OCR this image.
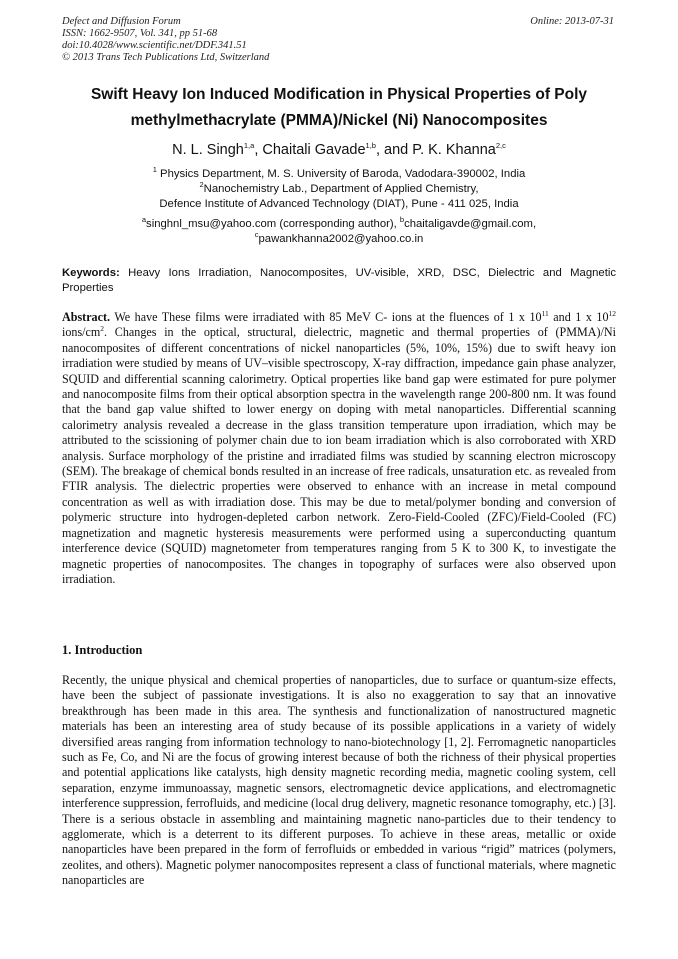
Defect and Diffusion Forum
ISSN: 1662-9507, Vol. 341, pp 51-68
doi:10.4028/www.scientific.net/DDF.341.51
© 2013 Trans Tech Publications Ltd, Switzerland
Online: 2013-07-31
Swift Heavy Ion Induced Modification in Physical Properties of Poly
methylmethacrylate (PMMA)/Nickel (Ni) Nanocomposites
N. L. Singh$^{1,a}$, Chaitali Gavade$^{1,b}$, and P. K. Khanna$^{2,c}$
$^1$ Physics Department, M. S. University of Baroda, Vadodara-390002, India
$^2$Nanochemistry Lab., Department of Applied Chemistry,
Defence Institute of Advanced Technology (DIAT), Pune - 411 025, India
$^a$singhnl_msu@yahoo.com (corresponding author), $^b$chaitaligavde@gmail.com,
$^c$pawankhanna2002@yahoo.co.in
Keywords: Heavy Ions Irradiation, Nanocomposites, UV-visible, XRD, DSC, Dielectric and Magnetic Properties
Abstract. We have These films were irradiated with 85 MeV C- ions at the fluences of 1 x $10^{11}$ and 1 x $10^{12}$ ions/$cm^2$. Changes in the optical, structural, dielectric, magnetic and thermal properties of (PMMA)/Ni nanocomposites of different concentrations of nickel nanoparticles (5%, 10%, 15%) due to swift heavy ion irradiation were studied by means of UV–visible spectroscopy, X-ray diffraction, impedance gain phase analyzer, SQUID and differential scanning calorimetry. Optical properties like band gap were estimated for pure polymer and nanocomposite films from their optical absorption spectra in the wavelength range 200-800 nm. It was found that the band gap value shifted to lower energy on doping with metal nanoparticles. Differential scanning calorimetry analysis revealed a decrease in the glass transition temperature upon irradiation, which may be attributed to the scissioning of polymer chain due to ion beam irradiation which is also corroborated with XRD analysis. Surface morphology of the pristine and irradiated films was studied by scanning electron microscopy (SEM). The breakage of chemical bonds resulted in an increase of free radicals, unsaturation etc. as revealed from FTIR analysis. The dielectric properties were observed to enhance with an increase in metal compound concentration as well as with irradiation dose. This may be due to metal/polymer bonding and conversion of polymeric structure into hydrogen-depleted carbon network. Zero-Field-Cooled (ZFC)/Field-Cooled (FC) magnetization and magnetic hysteresis measurements were performed using a superconducting quantum interference device (SQUID) magnetometer from temperatures ranging from 5 K to 300 K, to investigate the magnetic properties of nanocomposites. The changes in topography of surfaces were also observed upon irradiation.
1. Introduction
Recently, the unique physical and chemical properties of nanoparticles, due to surface or quantum-size effects, have been the subject of passionate investigations. It is also no exaggeration to say that an innovative breakthrough has been made in this area. The synthesis and functionalization of nanostructured magnetic materials has been an interesting area of study because of its possible applications in a variety of widely diversified areas ranging from information technology to nano-biotechnology [1, 2]. Ferromagnetic nanoparticles such as Fe, Co, and Ni are the focus of growing interest because of both the richness of their physical properties and potential applications like catalysts, high density magnetic recording media, magnetic cooling system, cell separation, enzyme immunoassay, magnetic sensors, electromagnetic device applications, and electromagnetic interference suppression, ferrofluids, and medicine (local drug delivery, magnetic resonance tomography, etc.) [3]. There is a serious obstacle in assembling and maintaining magnetic nano-particles due to their tendency to agglomerate, which is a deterrent to its different purposes. To achieve in these areas, metallic or oxide nanoparticles have been prepared in the form of ferrofluids or embedded in various “rigid” matrices (polymers, zeolites, and others). Magnetic polymer nanocomposites represent a class of functional materials, where magnetic nanoparticles are
